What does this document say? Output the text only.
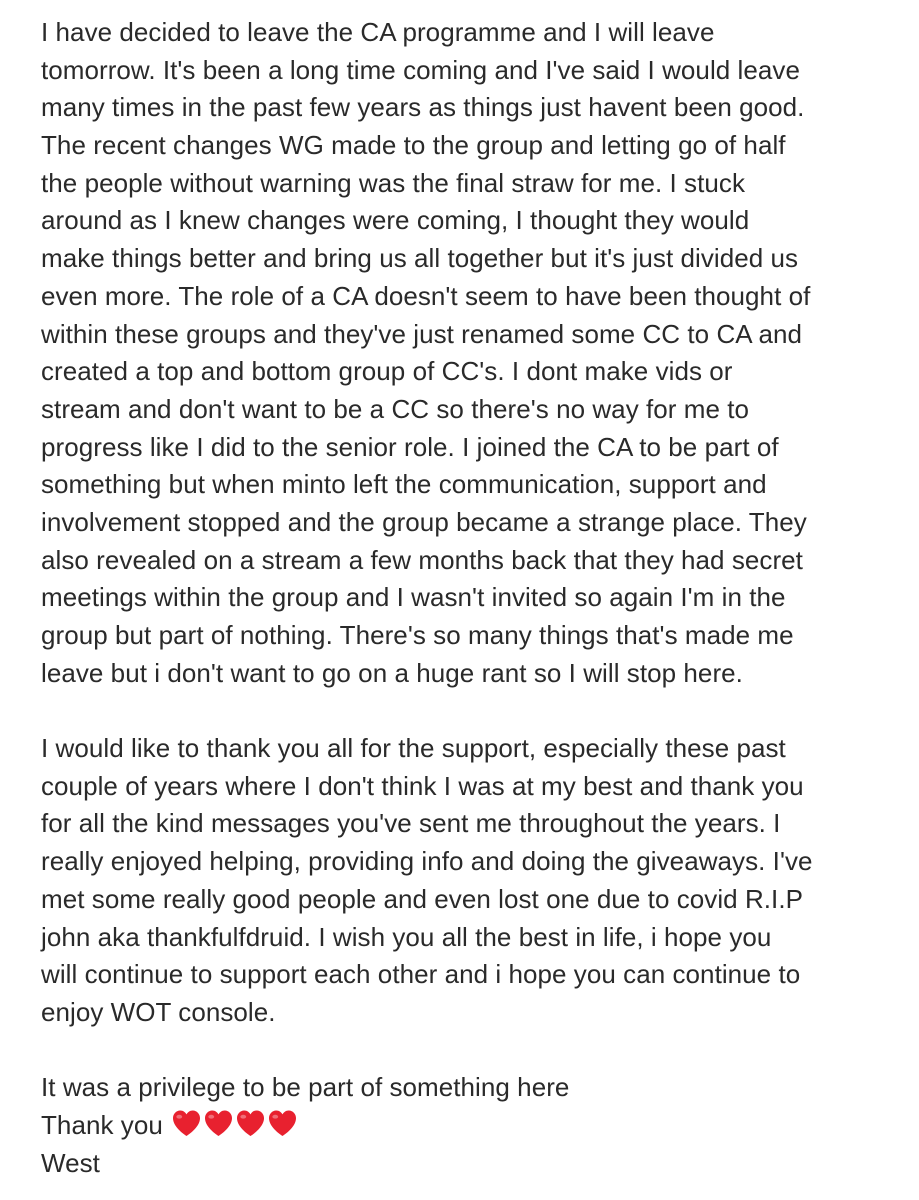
I have decided to leave the CA programme and I will leave
tomorrow. It's been a long time coming and I've said I would leave
many times in the past few years as things just havent been good.
The recent changes WG made to the group and letting go of half
the people without warning was the final straw for me. I stuck
around as I knew changes were coming, I thought they would
make things better and bring us all together but it's just divided us
even more. The role of a CA doesn't seem to have been thought of
within these groups and they've just renamed some CC to CA and
created a top and bottom group of CC's. I dont make vids or
stream and don't want to be a CC so there's no way for me to
progress like I did to the senior role. I joined the CA to be part of
something but when minto left the communication, support and
involvement stopped and the group became a strange place. They
also revealed on a stream a few months back that they had secret
meetings within the group and I wasn't invited so again I'm in the
group but part of nothing. There's so many things that's made me
leave but i don't want to go on a huge rant so I will stop here.
I would like to thank you all for the support, especially these past
couple of years where I don't think I was at my best and thank you
for all the kind messages you've sent me throughout the years. I
really enjoyed helping, providing info and doing the giveaways. I've
met some really good people and even lost one due to covid R.I.P
john aka thankfulfdruid. I wish you all the best in life, i hope you
will continue to support each other and i hope you can continue to
enjoy WOT console.
It was a privilege to be part of something here
Thank you
West
